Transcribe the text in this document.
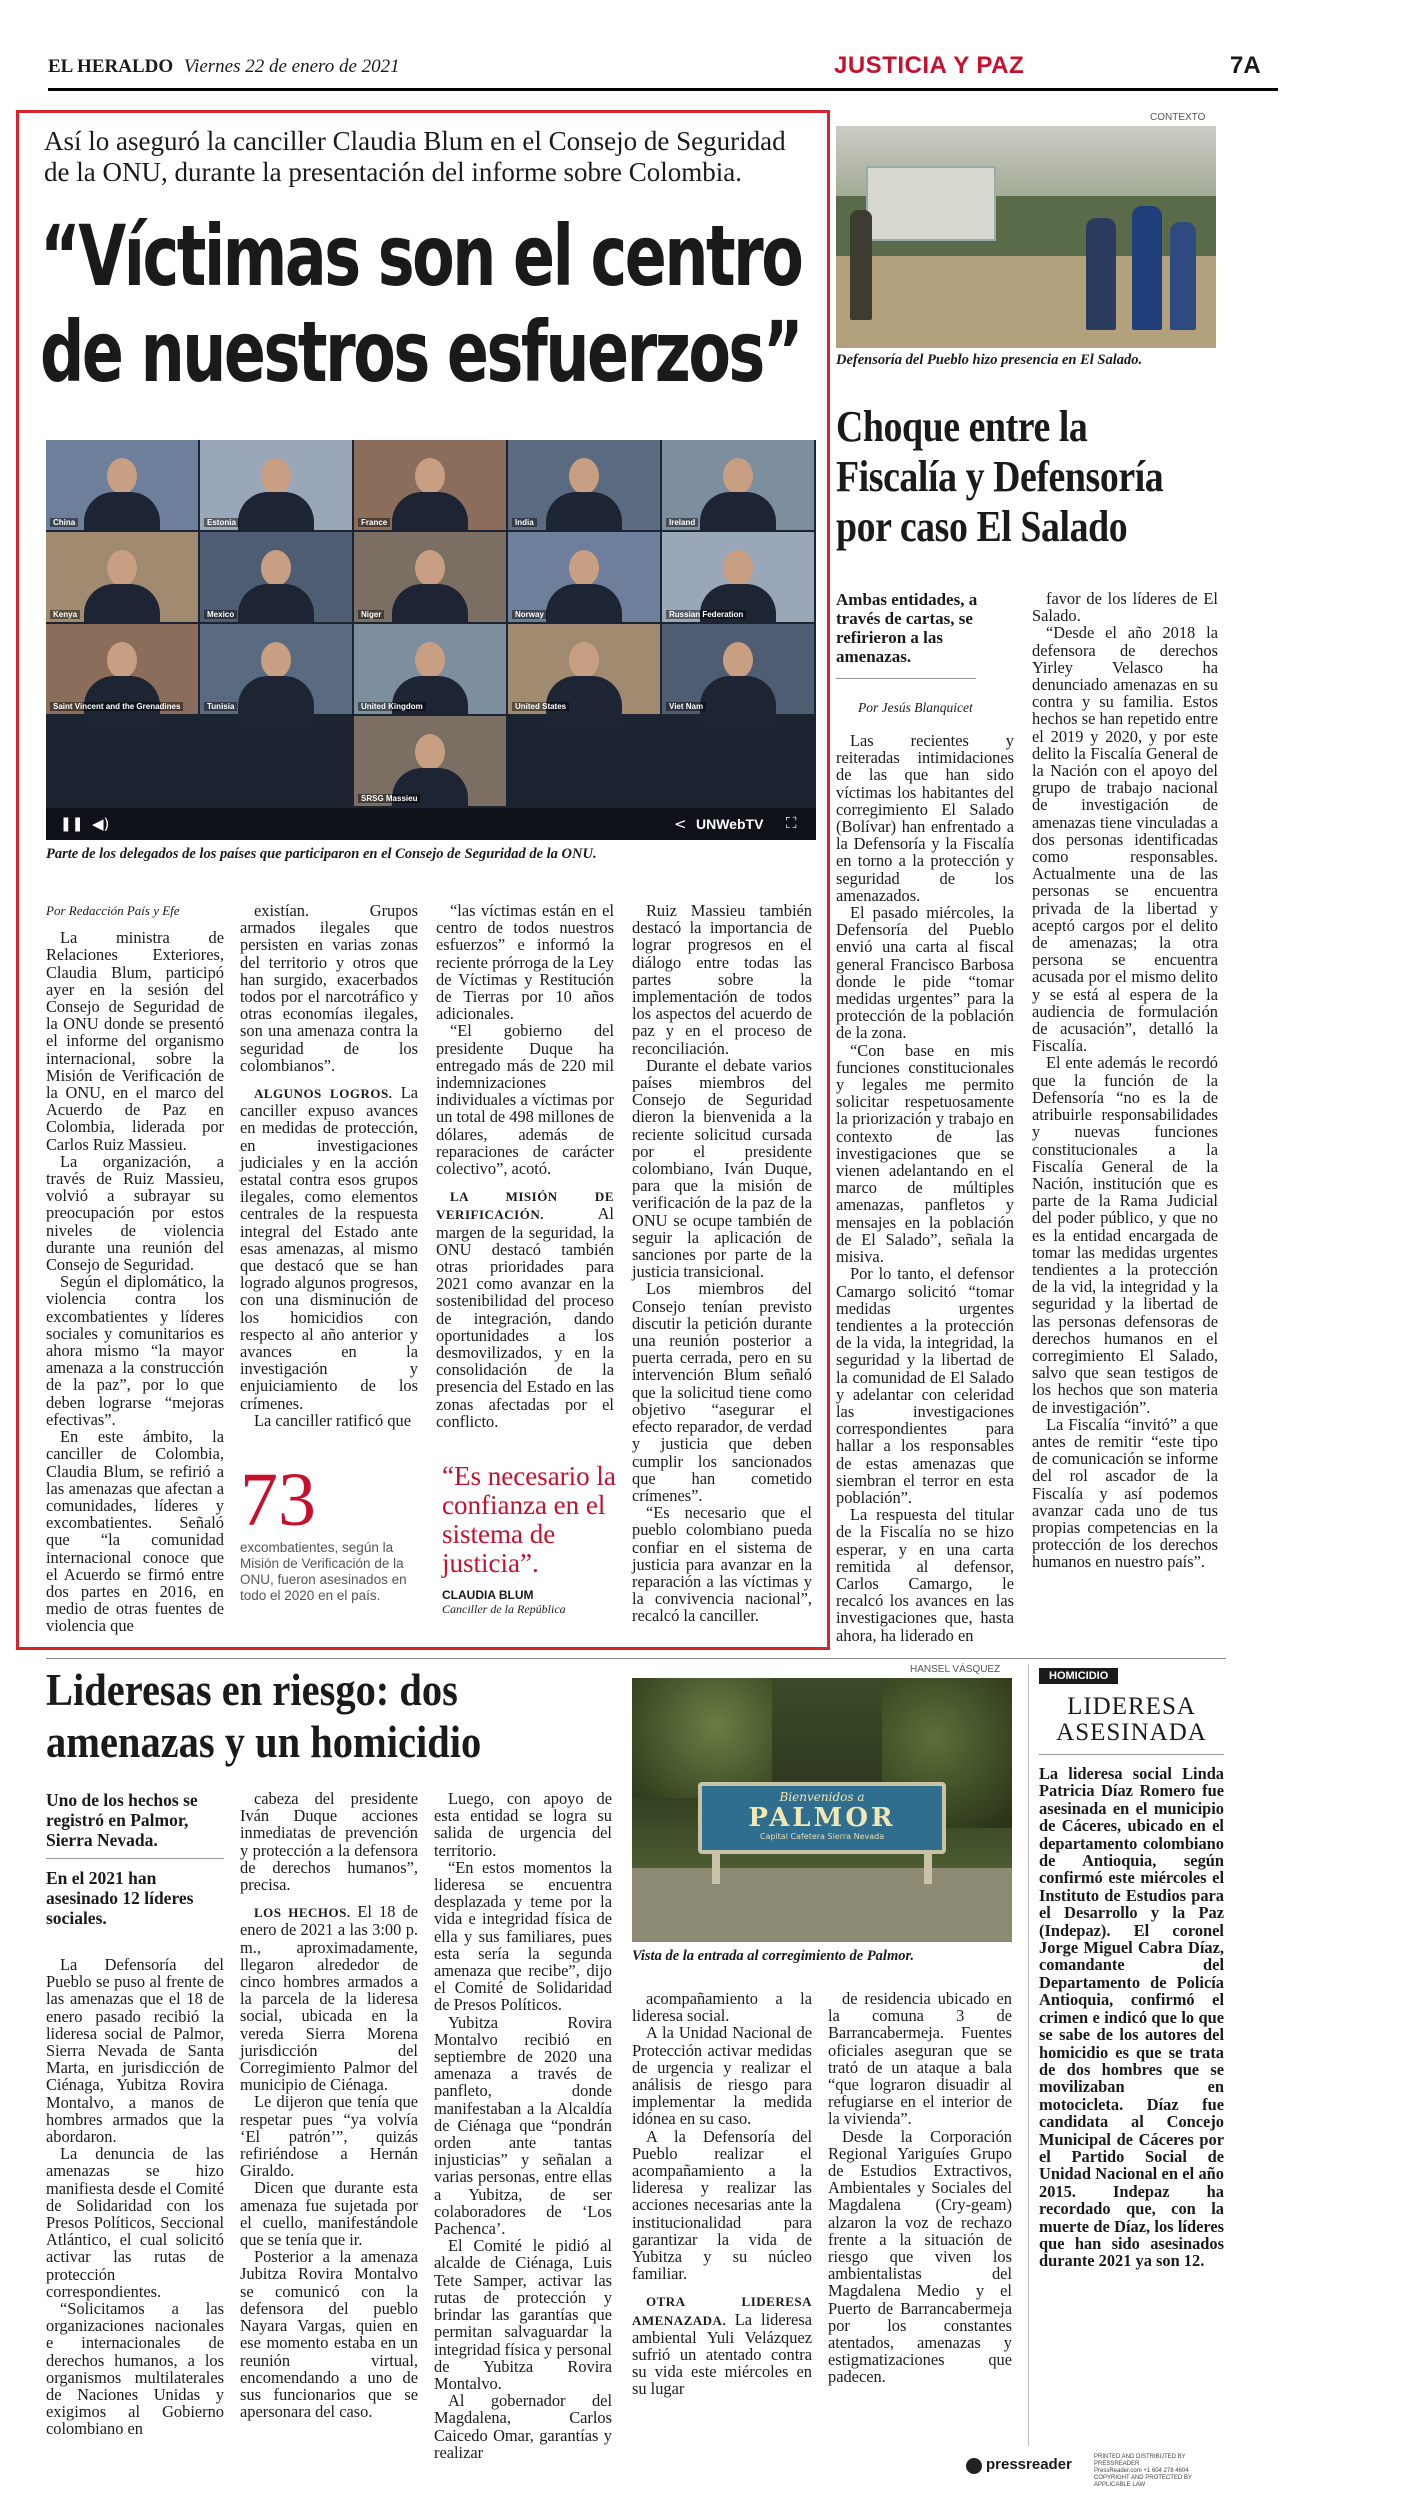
EL HERALDO Viernes 22 de enero de 2021	JUSTICIA Y PAZ	7A
Así lo aseguró la canciller Claudia Blum en el Consejo de Seguridad de la ONU, durante la presentación del informe sobre Colombia.
“Víctimas son el centro
de nuestros esfuerzos”
China	Estonia	France	India	Ireland
Kenya	Mexico	Niger	Norway	Russian Federation
Saint Vincent and the Grenadines	Tunisia	United Kingdom	United States	Viet Nam
SRSG Massieu
❚❚ ◀)	< UNWebTV ⛶
Parte de los delegados de los países que participaron en el Consejo de Seguridad de la ONU.

Por Redacción País y Efe

La ministra de Relaciones Exteriores, Claudia Blum, participó ayer en la sesión del Consejo de Seguridad de la ONU donde se presentó el informe del organismo internacional, sobre la Misión de Verificación de la ONU, en el marco del Acuerdo de Paz en Colombia, liderada por Carlos Ruiz Massieu.

La organización, a través de Ruiz Massieu, volvió a subrayar su preocupación por estos niveles de violencia durante una reunión del Consejo de Seguridad.

Según el diplomático, la violencia contra los excombatientes y líderes sociales y comunitarios es ahora mismo “la mayor amenaza a la construcción de la paz”, por lo que deben lograrse “mejoras efectivas”.

En este ámbito, la canciller de Colombia, Claudia Blum, se refirió a las amenazas que afectan a comunidades, líderes y excombatientes. Señaló que “la comunidad internacional conoce que el Acuerdo se firmó entre dos partes en 2016, en medio de otras fuentes de violencia que

existían. Grupos armados ilegales que persisten en varias zonas del territorio y otros que han surgido, exacerbados todos por el narcotráfico y otras economías ilegales, son una amenaza contra la seguridad de los colombianos”.

ALGUNOS LOGROS. La canciller expuso avances en medidas de protección, en investigaciones judiciales y en la acción estatal contra esos grupos ilegales, como elementos centrales de la respuesta integral del Estado ante esas amenazas, al mismo que destacó que se han logrado algunos progresos, con una disminución de los homicidios con respecto al año anterior y avances en la investigación y enjuiciamiento de los crímenes.

La canciller ratificó que

“las víctimas están en el centro de todos nuestros esfuerzos” e informó la reciente prórroga de la Ley de Víctimas y Restitución de Tierras por 10 años adicionales.

“El gobierno del presidente Duque ha entregado más de 220 mil indemnizaciones individuales a víctimas por un total de 498 millones de dólares, además de reparaciones de carácter colectivo”, acotó.

LA MISIÓN DE VERIFICACIÓN. Al margen de la seguridad, la ONU destacó también otras prioridades para 2021 como avanzar en la sostenibilidad del proceso de integración, dando oportunidades a los desmovilizados, y en la consolidación de la presencia del Estado en las zonas afectadas por el conflicto.

Ruiz Massieu también destacó la importancia de lograr progresos en el diálogo entre todas las partes sobre la implementación de todos los aspectos del acuerdo de paz y en el proceso de reconciliación.

Durante el debate varios países miembros del Consejo de Seguridad dieron la bienvenida a la reciente solicitud cursada por el presidente colombiano, Iván Duque, para que la misión de verificación de la paz de la ONU se ocupe también de seguir la aplicación de sanciones por parte de la justicia transicional.

Los miembros del Consejo tenían previsto discutir la petición durante una reunión posterior a puerta cerrada, pero en su intervención Blum señaló que la solicitud tiene como objetivo “asegurar el efecto reparador, de verdad y justicia que deben cumplir los sancionados que han cometido crímenes”.

“Es necesario que el pueblo colombiano pueda confiar en el sistema de justicia para avanzar en la reparación a las víctimas y la convivencia nacional”, recalcó la canciller.

73
excombatientes, según la Misión de Verificación de la ONU, fueron asesinados en todo el 2020 en el país.
“Es necesario la confianza en el sistema de justicia”.
CLAUDIA BLUM
Canciller de la República
CONTEXTO
Defensoría del Pueblo hizo presencia en El Salado.
Choque entre la
Fiscalía y Defensoría
por caso El Salado
Ambas entidades, a través de cartas, se refirieron a las amenazas.
Por Jesús Blanquicet

Las recientes y reiteradas intimidaciones de las que han sido víctimas los habitantes del corregimiento El Salado (Bolívar) han enfrentado a la Defensoría y la Fiscalía en torno a la protección y seguridad de los amenazados.

El pasado miércoles, la Defensoría del Pueblo envió una carta al fiscal general Francisco Barbosa donde le pide “tomar medidas urgentes” para la protección de la población de la zona.

“Con base en mis funciones constitucionales y legales me permito solicitar respetuosamente la priorización y trabajo en contexto de las investigaciones que se vienen adelantando en el marco de múltiples amenazas, panfletos y mensajes en la población de El Salado”, señala la misiva.

Por lo tanto, el defensor Camargo solicitó “tomar medidas urgentes tendientes a la protección de la vida, la integridad, la seguridad y la libertad de la comunidad de El Salado y adelantar con celeridad las investigaciones correspondientes para hallar a los responsables de estas amenazas que siembran el terror en esta población”.

La respuesta del titular de la Fiscalía no se hizo esperar, y en una carta remitida al defensor, Carlos Camargo, le recalcó los avances en las investigaciones que, hasta ahora, ha liderado en

favor de los líderes de El Salado.

“Desde el año 2018 la defensora de derechos Yirley Velasco ha denunciado amenazas en su contra y su familia. Estos hechos se han repetido entre el 2019 y 2020, y por este delito la Fiscalía General de la Nación con el apoyo del grupo de trabajo nacional de investigación de amenazas tiene vinculadas a dos personas identificadas como responsables. Actualmente una de las personas se encuentra privada de la libertad y aceptó cargos por el delito de amenazas; la otra persona se encuentra acusada por el mismo delito y se está al espera de la audiencia de formulación de acusación”, detalló la Fiscalía.

El ente además le recordó que la función de la Defensoría “no es la de atribuirle responsabilidades y nuevas funciones constitucionales a la Fiscalía General de la Nación, institución que es parte de la Rama Judicial del poder público, y que no es la entidad encargada de tomar las medidas urgentes tendientes a la protección de la vid, la integridad y la seguridad y la libertad de las personas defensoras de derechos humanos en el corregimiento El Salado, salvo que sean testigos de los hechos que son materia de investigación”.

La Fiscalía “invitó” a que antes de remitir “este tipo de comunicación se informe del rol ascador de la Fiscalía y así podemos avanzar cada uno de tus propias competencias en la protección de los derechos humanos en nuestro país”.

Lideresas en riesgo: dos
amenazas y un homicidio
Uno de los hechos se registró en Palmor, Sierra Nevada.
En el 2021 han asesinado 12 líderes sociales.

La Defensoría del Pueblo se puso al frente de las amenazas que el 18 de enero pasado recibió la lideresa social de Palmor, Sierra Nevada de Santa Marta, en jurisdicción de Ciénaga, Yubitza Rovira Montalvo, a manos de hombres armados que la abordaron.

La denuncia de las amenazas se hizo manifiesta desde el Comité de Solidaridad con los Presos Políticos, Seccional Atlántico, el cual solicitó activar las rutas de protección correspondientes.

“Solicitamos a las organizaciones nacionales e internacionales de derechos humanos, a los organismos multilaterales de Naciones Unidas y exigimos al Gobierno colombiano en

cabeza del presidente Iván Duque acciones inmediatas de prevención y protección a la defensora de derechos humanos”, precisa.

LOS HECHOS. El 18 de enero de 2021 a las 3:00 p. m., aproximadamente, llegaron alrededor de cinco hombres armados a la parcela de la lideresa social, ubicada en la vereda Sierra Morena jurisdicción del Corregimiento Palmor del municipio de Ciénaga.

Le dijeron que tenía que respetar pues “ya volvía ‘El patrón’”, quizás refiriéndose a Hernán Giraldo.

Dicen que durante esta amenaza fue sujetada por el cuello, manifestándole que se tenía que ir.

Posterior a la amenaza Jubitza Rovira Montalvo se comunicó con la defensora del pueblo Nayara Vargas, quien en ese momento estaba en un reunión virtual, encomendando a uno de sus funcionarios que se apersonara del caso.

Luego, con apoyo de esta entidad se logra su salida de urgencia del territorio.

“En estos momentos la lideresa se encuentra desplazada y teme por la vida e integridad física de ella y sus familiares, pues esta sería la segunda amenaza que recibe”, dijo el Comité de Solidaridad de Presos Políticos.

Yubitza Rovira Montalvo recibió en septiembre de 2020 una amenaza a través de panfleto, donde manifestaban a la Alcaldía de Ciénaga que “pondrán orden ante tantas injusticias” y señalan a varias personas, entre ellas a Yubitza, de ser colaboradores de ‘Los Pachenca’.

El Comité le pidió al alcalde de Ciénaga, Luis Tete Samper, activar las rutas de protección y brindar las garantías que permitan salvaguardar la integridad física y personal de Yubitza Rovira Montalvo.

Al gobernador del Magdalena, Carlos Caicedo Omar, garantías y realizar

HANSEL VÁSQUEZ
Bienvenidos a
PALMOR
Capital Cafetera Sierra Nevada
Vista de la entrada al corregimiento de Palmor.

acompañamiento a la lideresa social.

A la Unidad Nacional de Protección activar medidas de urgencia y realizar el análisis de riesgo para implementar la medida idónea en su caso.

A la Defensoría del Pueblo realizar el acompañamiento a la lideresa y realizar las acciones necesarias ante la institucionalidad para garantizar la vida de Yubitza y su núcleo familiar.

OTRA LIDERESA AMENAZADA. La lideresa ambiental Yuli Velázquez sufrió un atentado contra su vida este miércoles en su lugar

de residencia ubicado en la comuna 3 de Barrancabermeja. Fuentes oficiales aseguran que se trató de un ataque a bala “que lograron disuadir al refugiarse en el interior de la vivienda”.

Desde la Corporación Regional Yariguíes Grupo de Estudios Extractivos, Ambientales y Sociales del Magdalena (Cry-geam) alzaron la voz de rechazo frente a la situación de riesgo que viven los ambientalistas del Magdalena Medio y el Puerto de Barrancabermeja por los constantes atentados, amenazas y estigmatizaciones que padecen.

HOMICIDIO
LIDERESA
ASESINADA
La lideresa social Linda Patricia Díaz Romero fue asesinada en el municipio de Cáceres, ubicado en el departamento colombiano de Antioquia, según confirmó este miércoles el Instituto de Estudios para el Desarrollo y la Paz (Indepaz). El coronel Jorge Miguel Cabra Díaz, comandante del Departamento de Policía Antioquia, confirmó el crimen e indicó que lo que se sabe de los autores del homicidio es que se trata de dos hombres que se movilizaban en motocicleta. Díaz fue candidata al Concejo Municipal de Cáceres por el Partido Social de Unidad Nacional en el año 2015. Indepaz ha recordado que, con la muerte de Díaz, los líderes que han sido asesinados durante 2021 ya son 12.
pressreader	PRINTED AND DISTRIBUTED BY PRESSREADER
PressReader.com +1 604 278 4604
COPYRIGHT AND PROTECTED BY APPLICABLE LAW
